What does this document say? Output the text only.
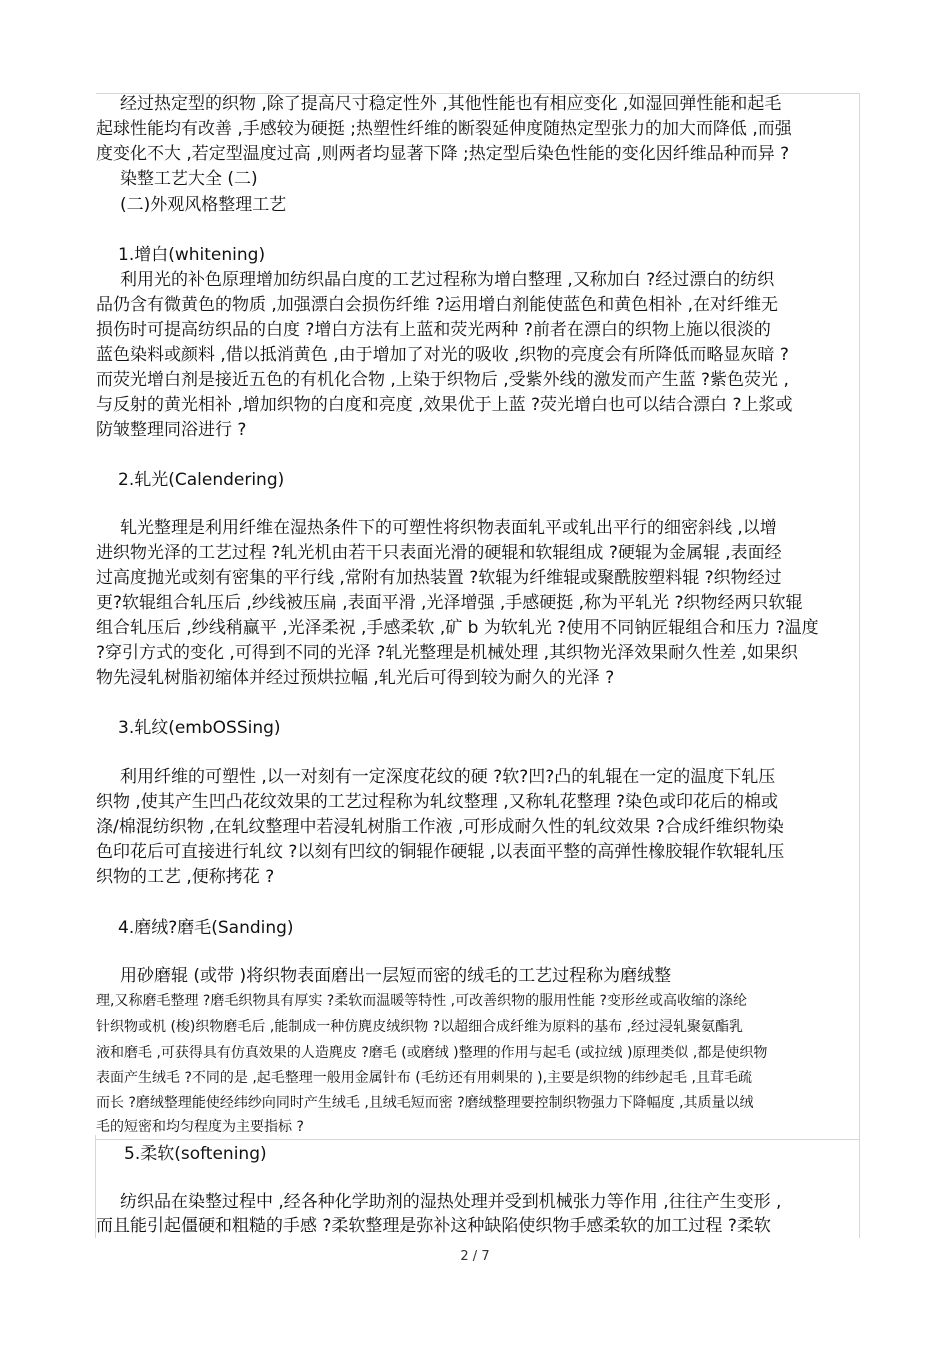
经过热定型的织物 ,除了提高尺寸稳定性外 ,其他性能也有相应变化 ,如湿回弹性能和起毛
起球性能均有改善 ,手感较为硬挺 ;热塑性纤维的断裂延伸度随热定型张力的加大而降低 ,而强
度变化不大 ,若定型温度过高 ,则两者均显著下降 ;热定型后染色性能的变化因纤维品种而异 ?
染整工艺大全 (二)
(二)外观风格整理工艺
1.增白(whitening)
利用光的补色原理增加纺织晶白度的工艺过程称为增白整理 ,又称加白 ?经过漂白的纺织
品仍含有微黄色的物质 ,加强漂白会损伤纤维 ?运用增白剂能使蓝色和黄色相补 ,在对纤维无
损伤时可提高纺织品的白度 ?增白方法有上蓝和荧光两种 ?前者在漂白的织物上施以很淡的
蓝色染料或颜料 ,借以抵消黄色 ,由于增加了对光的吸收 ,织物的亮度会有所降低而略显灰暗 ?
而荧光增白剂是接近五色的有机化合物 ,上染于织物后 ,受紫外线的激发而产生蓝 ?紫色荧光 ,
与反射的黄光相补 ,增加织物的白度和亮度 ,效果优于上蓝 ?荧光增白也可以结合漂白 ?上浆或
防皱整理同浴进行 ?
2.轧光(Calendering)
轧光整理是利用纤维在湿热条件下的可塑性将织物表面轧平或轧出平行的细密斜线 ,以增
进织物光泽的工艺过程 ?轧光机由若干只表面光滑的硬辊和软辊组成 ?硬辊为金属辊 ,表面经
过高度抛光或刻有密集的平行线 ,常附有加热装置 ?软辊为纤维辊或聚酰胺塑料辊 ?织物经过
更?软辊组合轧压后 ,纱线被压扁 ,表面平滑 ,光泽增强 ,手感硬挺 ,称为平轧光 ?织物经两只软辊
组合轧压后 ,纱线稍赢平 ,光泽柔祝 ,手感柔软 ,矿 b 为软轧光 ?使用不同钠匠辊组合和压力 ?温度
?穿引方式的变化 ,可得到不同的光泽 ?轧光整理是机械处理 ,其织物光泽效果耐久性差 ,如果织
物先浸轧树脂初缩体并经过预烘拉幅 ,轧光后可得到较为耐久的光泽 ?
3.轧纹(embOSSing)
利用纤维的可塑性 ,以一对刻有一定深度花纹的硬 ?软?凹?凸的轧辊在一定的温度下轧压
织物 ,使其产生凹凸花纹效果的工艺过程称为轧纹整理 ,又称轧花整理 ?染色或印花后的棉或
涤/棉混纺织物 ,在轧纹整理中若浸轧树脂工作液 ,可形成耐久性的轧纹效果 ?合成纤维织物染
色印花后可直接进行轧纹 ?以刻有凹纹的铜辊作硬辊 ,以表面平整的高弹性橡胶辊作软辊轧压
织物的工艺 ,便称拷花 ?
4.磨绒?磨毛(Sanding)
用砂磨辊 (或带 )将织物表面磨出一层短而密的绒毛的工艺过程称为磨绒整
理,又称磨毛整理 ?磨毛织物具有厚实 ?柔软而温暖等特性 ,可改善织物的服用性能 ?变形丝或高收缩的涤纶
针织物或机 (梭)织物磨毛后 ,能制成一种仿麂皮绒织物 ?以超细合成纤维为原料的基布 ,经过浸轧聚氨酯乳
液和磨毛 ,可获得具有仿真效果的人造麂皮 ?磨毛 (或磨绒 )整理的作用与起毛 (或拉绒 )原理类似 ,都是使织物
表面产生绒毛 ?不同的是 ,起毛整理一般用金属针布 (毛纺还有用刺果的 ),主要是织物的纬纱起毛 ,且茸毛疏
而长 ?磨绒整理能使经纬纱向同时产生绒毛 ,且绒毛短而密 ?磨绒整理要控制织物强力下降幅度 ,其质量以绒
毛的短密和均匀程度为主要指标 ?
5.柔软(softening)
纺织品在染整过程中 ,经各种化学助剂的湿热处理并受到机械张力等作用 ,往往产生变形 ,
而且能引起僵硬和粗糙的手感 ?柔软整理是弥补这种缺陷使织物手感柔软的加工过程 ?柔软
2 / 7
